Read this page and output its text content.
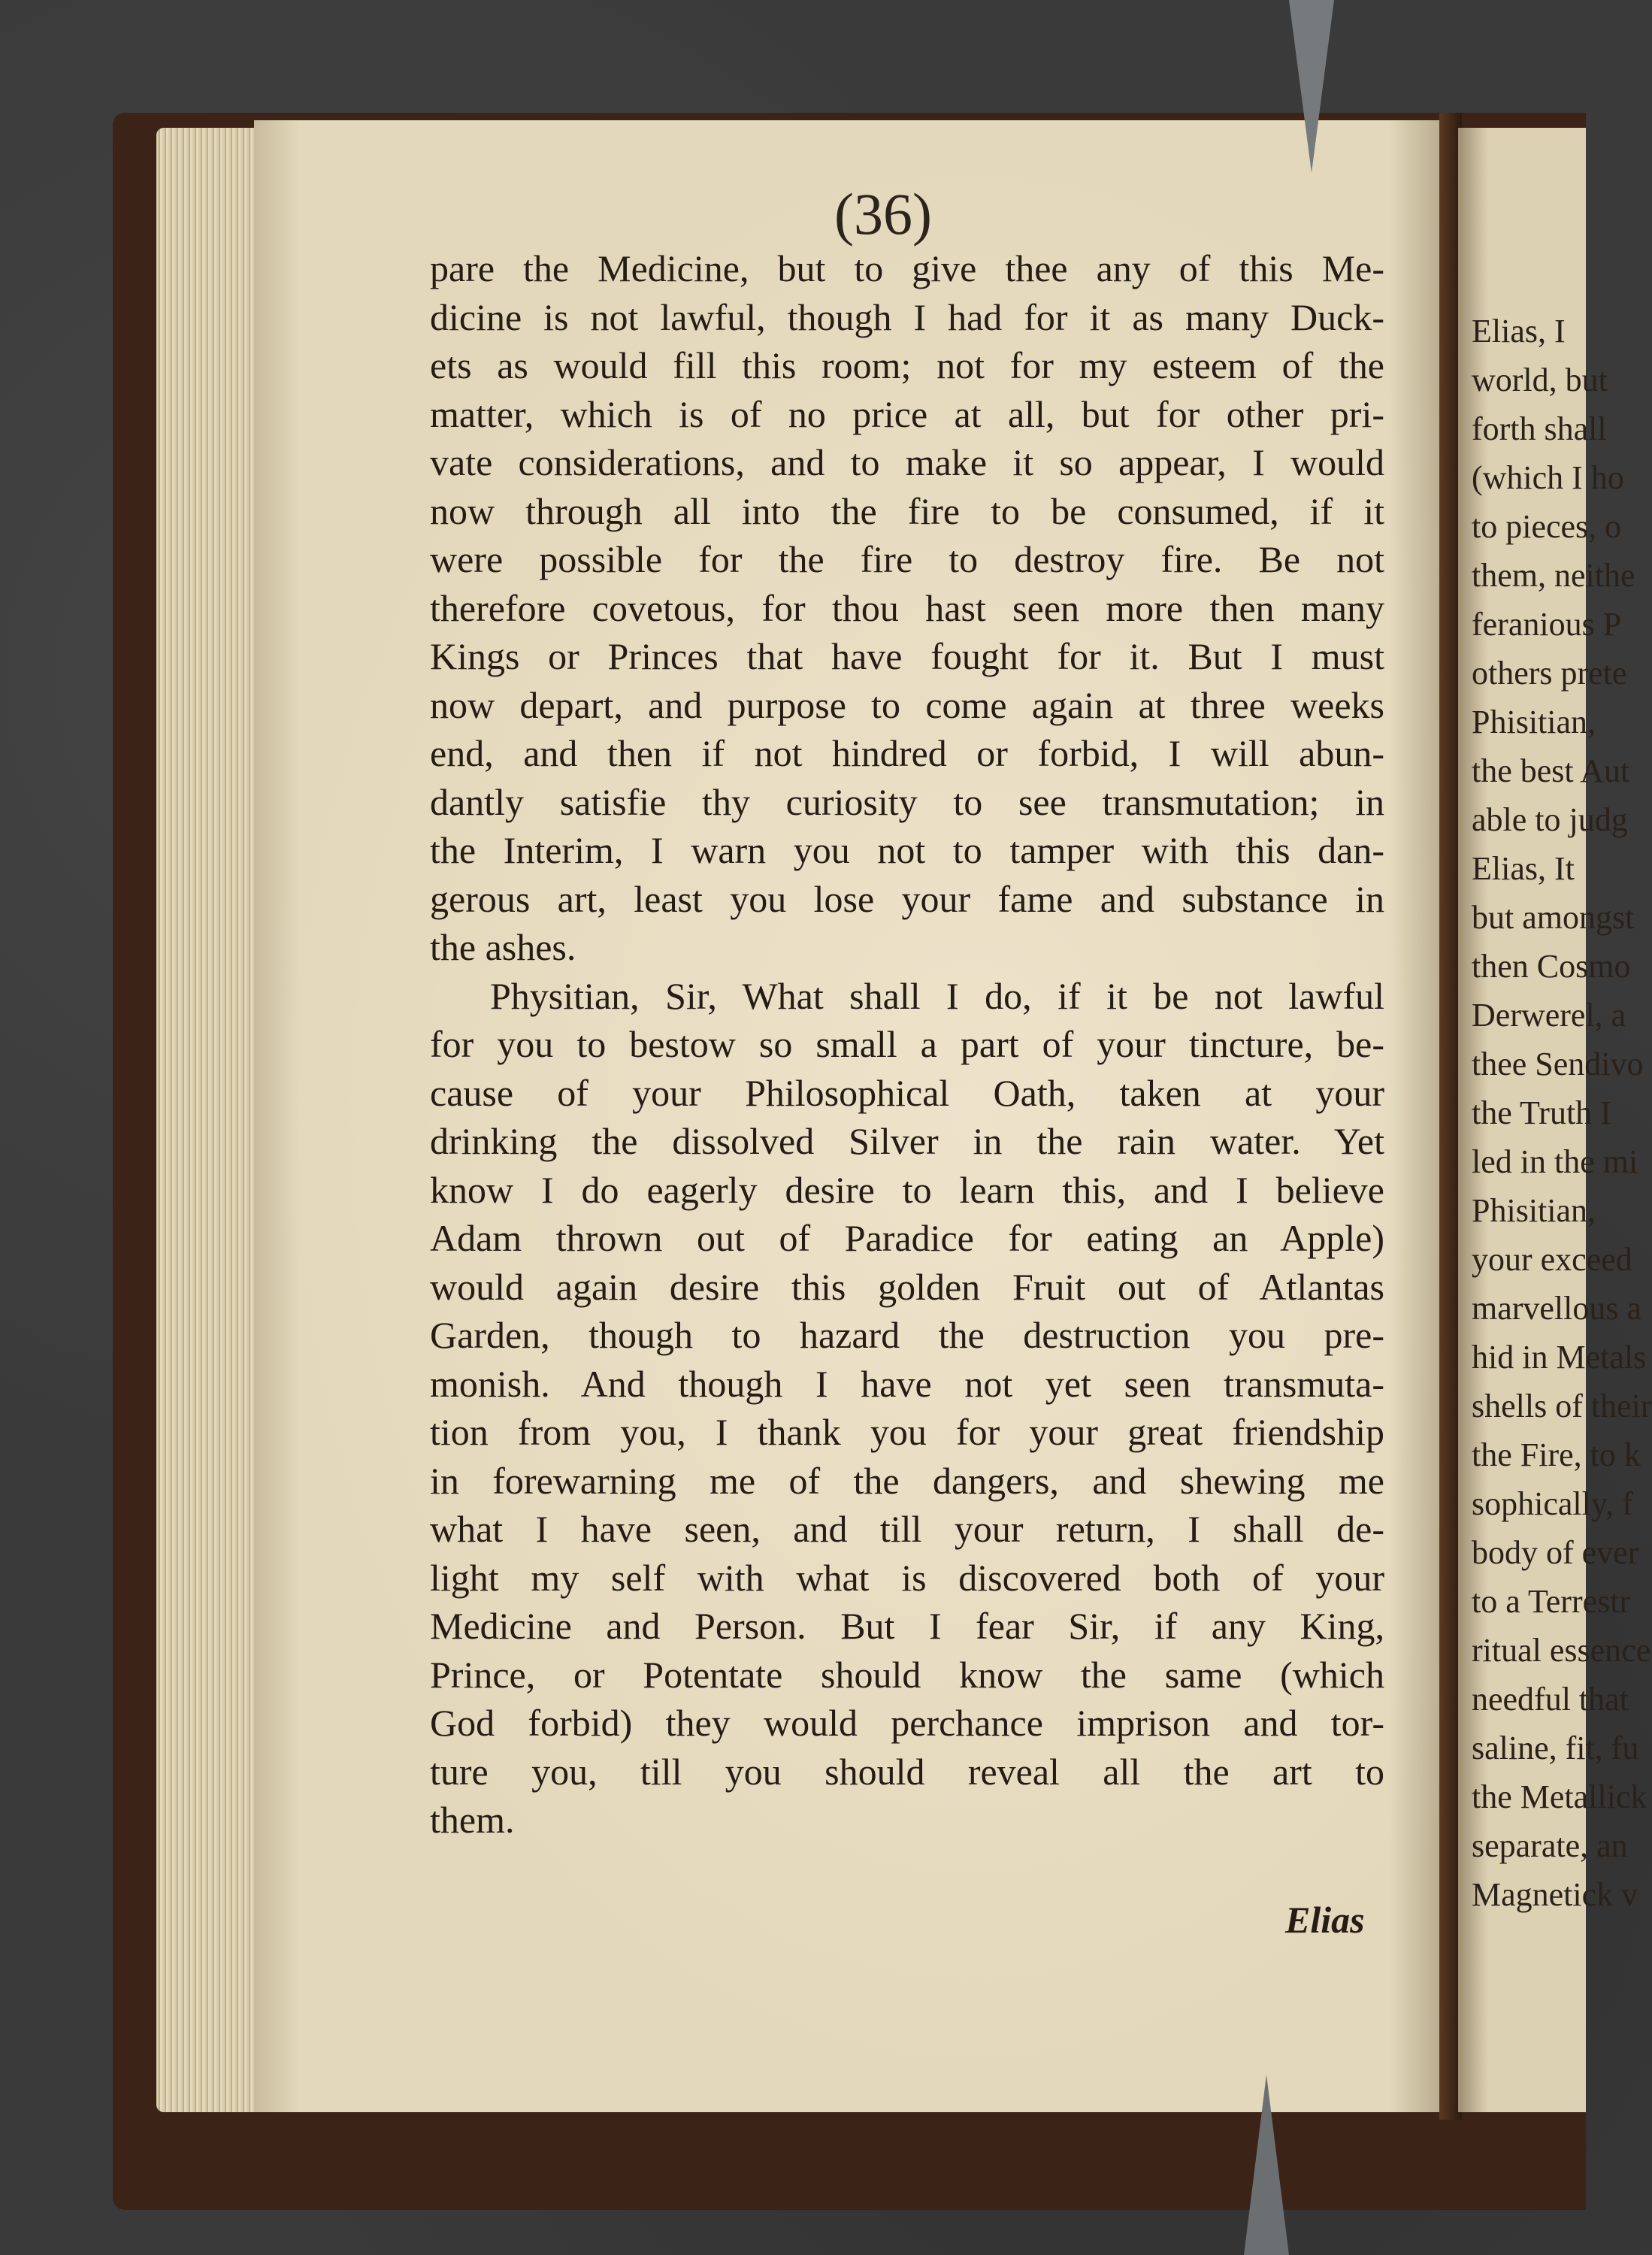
Elias, I
world, but
forth shall
(which I ho
to pieces, o
them, neithe
feranious P
others prete
Phisitian,
the best Aut
able to judg
Elias, It
but amongst
then Cosmo
Derwerel, a
thee Sendivo
the Truth I
led in the mi
Phisitian,
your exceed
marvellous a
hid in Metals
shells of their
the Fire, to k
sophically, f
body of ever
to a Terrestr
ritual essence
needful that
saline, fit, fu
the Metallick
separate, an
Magnetick v
(36)
pare the Medicine, but to give thee any of this Me-
dicine is not lawful, though I had for it as many Duck-
ets as would fill this room; not for my esteem of the
matter, which is of no price at all, but for other pri-
vate considerations, and to make it so appear, I would
now through all into the fire to be consumed, if it
were possible for the fire to destroy fire. Be not
therefore covetous, for thou hast seen more then many
Kings or Princes that have fought for it. But I must
now depart, and purpose to come again at three weeks
end, and then if not hindred or forbid, I will abun-
dantly satisfie thy curiosity to see transmutation; in
the Interim, I warn you not to tamper with this dan-
gerous art, least you lose your fame and substance in
the ashes.
Physitian, Sir, What shall I do, if it be not lawful
for you to bestow so small a part of your tincture, be-
cause of your Philosophical Oath, taken at your
drinking the dissolved Silver in the rain water. Yet
know I do eagerly desire to learn this, and I believe
Adam thrown out of Paradice for eating an Apple)
would again desire this golden Fruit out of Atlantas
Garden, though to hazard the destruction you pre-
monish. And though I have not yet seen transmuta-
tion from you, I thank you for your great friendship
in forewarning me of the dangers, and shewing me
what I have seen, and till your return, I shall de-
light my self with what is discovered both of your
Medicine and Person. But I fear Sir, if any King,
Prince, or Potentate should know the same (which
God forbid) they would perchance imprison and tor-
ture you, till you should reveal all the art to
them.
Elias
